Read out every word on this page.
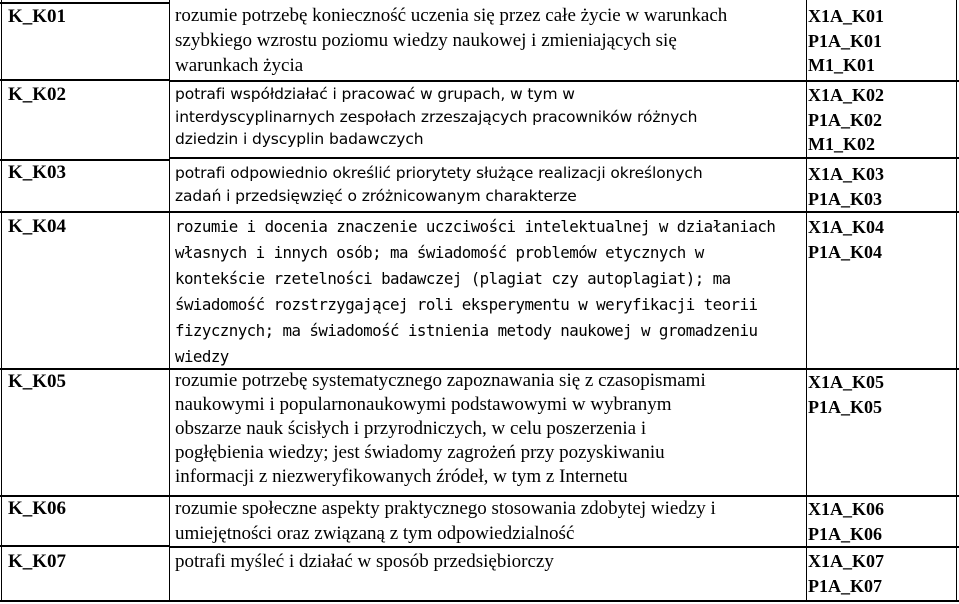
K_K01	rozumie potrzebę konieczność uczenia się przez całe życie w warunkach
szybkiego wzrostu poziomu wiedzy naukowej i zmieniających się
warunkach życia
X1A_K01
P1A_K01
M1_K01
K_K02	potrafi współdziałać i pracować w grupach, w tym w
interdyscyplinarnych zespołach zrzeszających pracowników różnych
dziedzin i dyscyplin badawczych
X1A_K02
P1A_K02
M1_K02
K_K03	potrafi odpowiednio określić priorytety służące realizacji określonych
zadań i przedsięwzięć o zróżnicowanym charakterze
X1A_K03
P1A_K03
K_K04	rozumie i docenia znaczenie uczciwości intelektualnej w działaniach
własnych i innych osób; ma świadomość problemów etycznych w
kontekście rzetelności badawczej (plagiat czy autoplagiat); ma
świadomość rozstrzygającej roli eksperymentu w weryfikacji teorii
fizycznych; ma świadomość istnienia metody naukowej w gromadzeniu
wiedzy
X1A_K04
P1A_K04
K_K05	rozumie potrzebę systematycznego zapoznawania się z czasopismami
naukowymi i popularnonaukowymi podstawowymi w wybranym
obszarze nauk ścisłych i przyrodniczych, w celu poszerzenia i
pogłębienia wiedzy; jest świadomy zagrożeń przy pozyskiwaniu
informacji z niezweryfikowanych źródeł, w tym z Internetu
X1A_K05
P1A_K05
K_K06	rozumie społeczne aspekty praktycznego stosowania zdobytej wiedzy i
umiejętności oraz związaną z tym odpowiedzialność
X1A_K06
P1A_K06
K_K07	potrafi myśleć i działać w sposób przedsiębiorczy	X1A_K07
P1A_K07
